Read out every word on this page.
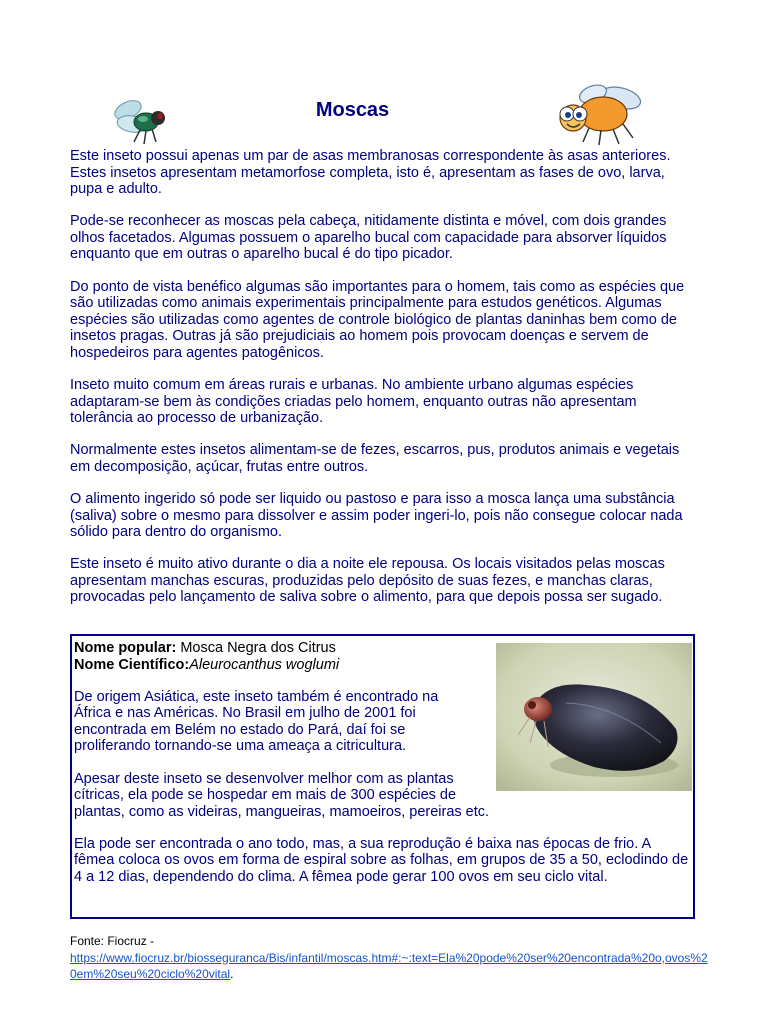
Moscas

Este inseto possui apenas um par de asas membranosas correspondente às asas anteriores. Estes insetos apresentam metamorfose completa, isto é, apresentam as fases de ovo, larva, pupa e adulto.

Pode-se reconhecer as moscas pela cabeça, nitidamente distinta e móvel, com dois grandes olhos facetados. Algumas possuem o aparelho bucal com capacidade para absorver líquidos enquanto que em outras o aparelho bucal é do tipo picador.

Do ponto de vista benéfico algumas são importantes para o homem, tais como as espécies que são utilizadas como animais experimentais principalmente para estudos genéticos. Algumas espécies são utilizadas como agentes de controle biológico de plantas daninhas bem como de insetos pragas. Outras já são prejudiciais ao homem pois provocam doenças e servem de hospedeiros para agentes patogênicos.

Inseto muito comum em áreas rurais e urbanas. No ambiente urbano algumas espécies adaptaram-se bem às condições criadas pelo homem, enquanto outras não apresentam tolerância ao processo de urbanização.

Normalmente estes insetos alimentam-se de fezes, escarros, pus, produtos animais e vegetais em decomposição, açúcar, frutas entre outros.

O alimento ingerido só pode ser liquido ou pastoso e para isso a mosca lança uma substância (saliva) sobre o mesmo para dissolver e assim poder ingeri-lo, pois não consegue colocar nada sólido para dentro do organismo.

Este inseto é muito ativo durante o dia a noite ele repousa. Os locais visitados pelas moscas apresentam manchas escuras, produzidas pelo depósito de suas fezes, e manchas claras, provocadas pelo lançamento de saliva sobre o alimento, para que depois possa ser sugado.

Nome popular: Mosca Negra dos Citrus
Nome Científico:Aleurocanthus woglumi

De origem Asiática, este inseto também é encontrado na África e nas Américas. No Brasil em julho de 2001 foi encontrada em Belém no estado do Pará, daí foi se proliferando tornando-se uma ameaça a citricultura.

Apesar deste inseto se desenvolver melhor com as plantas cítricas, ela pode se hospedar em mais de 300 espécies de plantas, como as videiras, mangueiras, mamoeiros, pereiras etc.

Ela pode ser encontrada o ano todo, mas, a sua reprodução é baixa nas épocas de frio. A fêmea coloca os ovos em forma de espiral sobre as folhas, em grupos de 35 a 50, eclodindo de 4 a 12 dias, dependendo do clima. A fêmea pode gerar 100 ovos em seu ciclo vital.

Fonte: Fiocruz -
https://www.fiocruz.br/biosseguranca/Bis/infantil/moscas.htm#:~:text=Ela%20pode%20ser%20encontrada%20o,ovos%20em%20seu%20ciclo%20vital.
